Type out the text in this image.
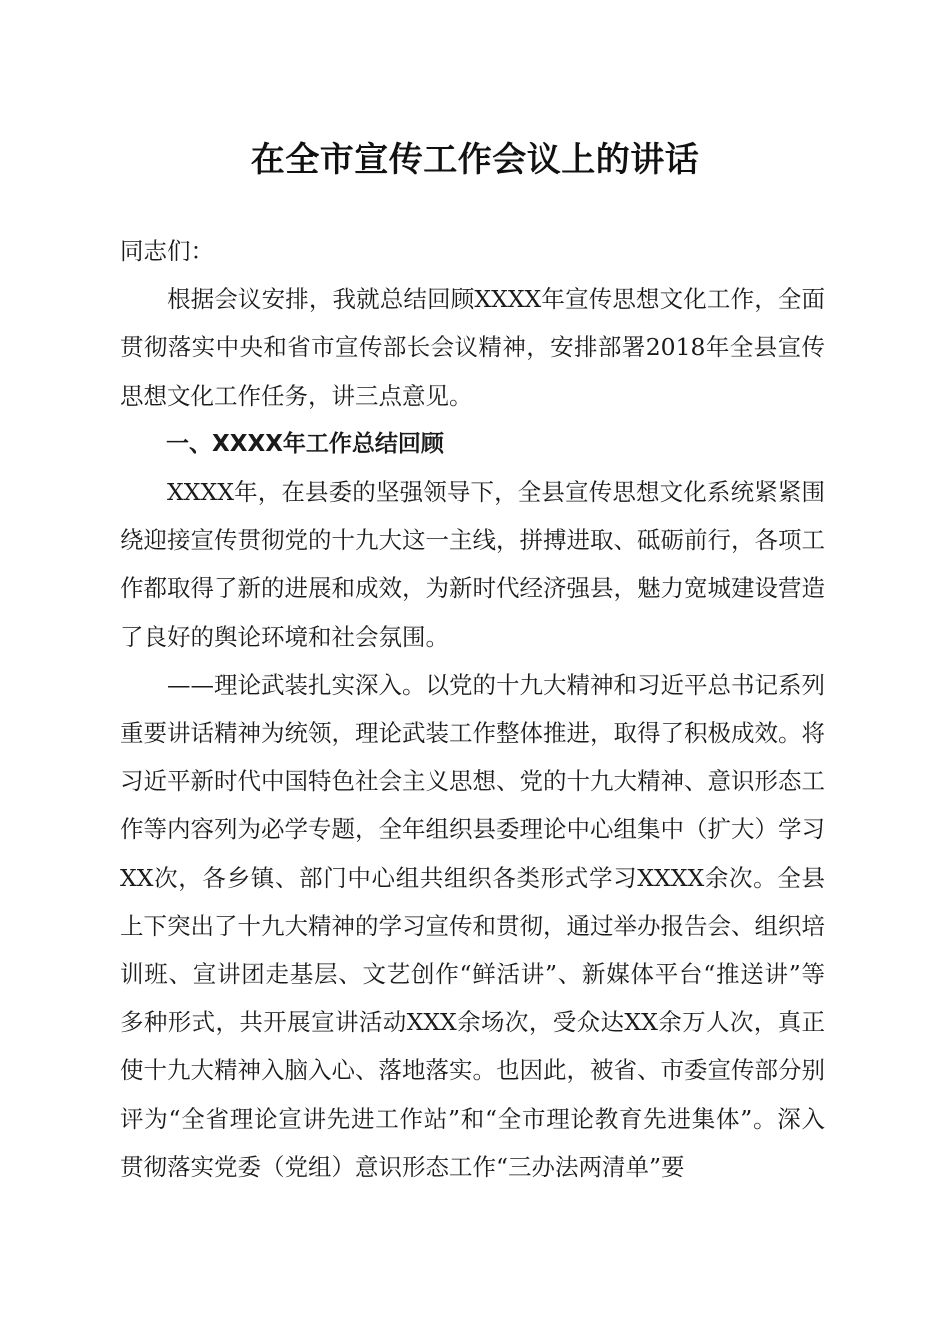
在全市宣传工作会议上的讲话

同志们：

根据会议安排，我就总结回顾XXXX年宣传思想文化工作，全面贯彻落实中央和省市宣传部长会议精神，安排部署2018年全县宣传思想文化工作任务，讲三点意见。

一、XXXX年工作总结回顾

XXXX年，在县委的坚强领导下，全县宣传思想文化系统紧紧围绕迎接宣传贯彻党的十九大这一主线，拼搏进取、砥砺前行，各项工作都取得了新的进展和成效，为新时代经济强县，魅力宽城建设营造了良好的舆论环境和社会氛围。

——理论武装扎实深入。以党的十九大精神和习近平总书记系列重要讲话精神为统领，理论武装工作整体推进，取得了积极成效。将习近平新时代中国特色社会主义思想、党的十九大精神、意识形态工作等内容列为必学专题，全年组织县委理论中心组集中（扩大）学习XX次，各乡镇、部门中心组共组织各类形式学习XXXX余次。全县上下突出了十九大精神的学习宣传和贯彻，通过举办报告会、组织培训班、宣讲团走基层、文艺创作“鲜活讲”、新媒体平台“推送讲”等多种形式，共开展宣讲活动XXX余场次，受众达XX余万人次，真正使十九大精神入脑入心、落地落实。也因此，被省、市委宣传部分别评为“全省理论宣讲先进工作站”和“全市理论教育先进集体”。深入贯彻落实党委（党组）意识形态工作“三办法两清单”要
